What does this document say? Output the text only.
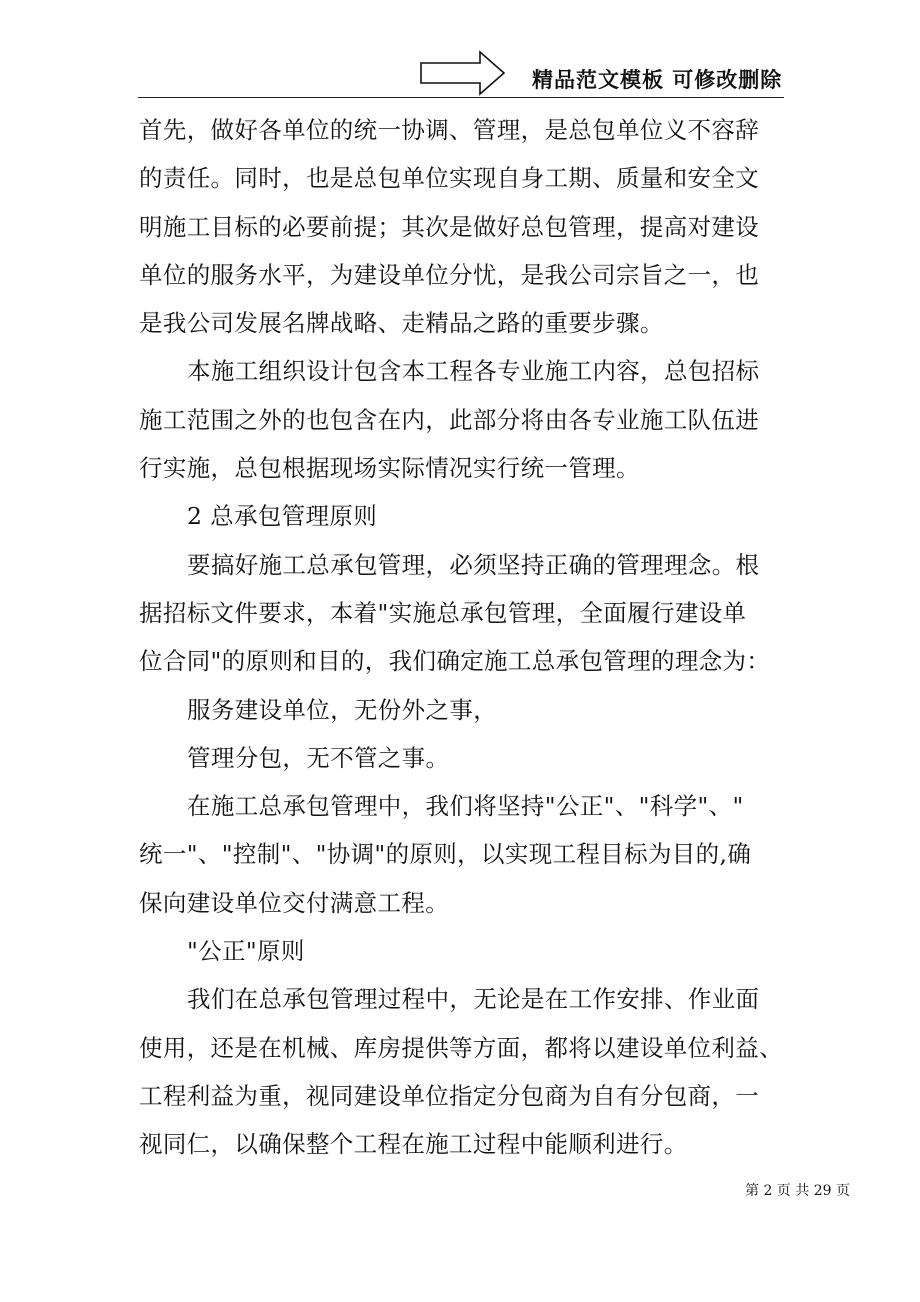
精品范文模板 可修改删除
首先，做好各单位的统一协调、管理，是总包单位义不容辞
的责任。同时，也是总包单位实现自身工期、质量和安全文
明施工目标的必要前提；其次是做好总包管理，提高对建设
单位的服务水平，为建设单位分忧，是我公司宗旨之一，也
是我公司发展名牌战略、走精品之路的重要步骤。
本施工组织设计包含本工程各专业施工内容，总包招标
施工范围之外的也包含在内，此部分将由各专业施工队伍进
行实施，总包根据现场实际情况实行统一管理。
2 总承包管理原则
要搞好施工总承包管理，必须坚持正确的管理理念。根
据招标文件要求，本着"实施总承包管理，全面履行建设单
位合同"的原则和目的，我们确定施工总承包管理的理念为：
服务建设单位，无份外之事，
管理分包，无不管之事。
在施工总承包管理中，我们将坚持"公正"、"科学"、"
统一"、"控制"、"协调"的原则，以实现工程目标为目的,确
保向建设单位交付满意工程。
"公正"原则
我们在总承包管理过程中，无论是在工作安排、作业面
使用，还是在机械、库房提供等方面，都将以建设单位利益、
工程利益为重，视同建设单位指定分包商为自有分包商，一
视同仁，以确保整个工程在施工过程中能顺利进行。
第 2 页 共 29 页
